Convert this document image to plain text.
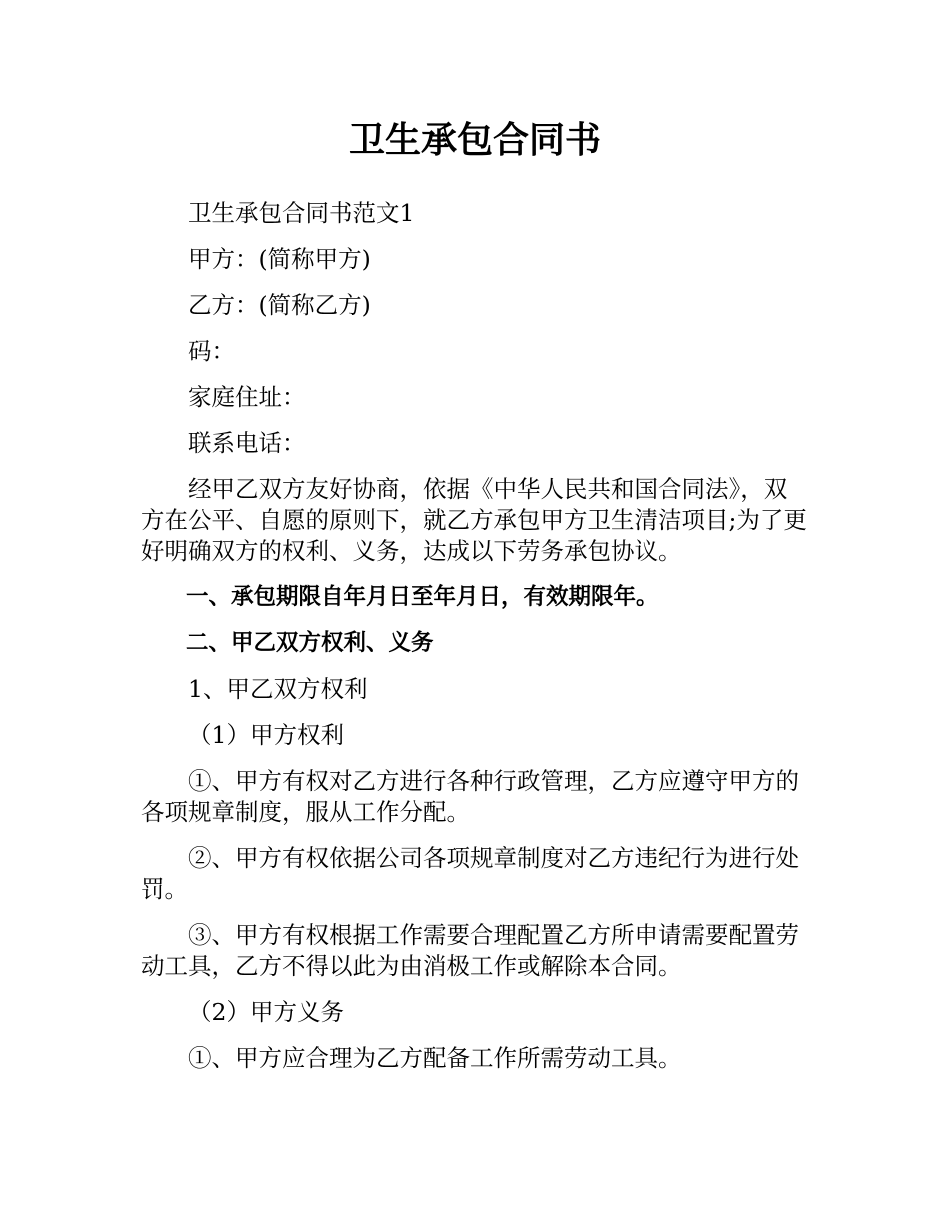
卫生承包合同书

卫生承包合同书范文1

甲方：(简称甲方)

乙方：(简称乙方)

码：

家庭住址：

联系电话：

经甲乙双方友好协商，依据《中华人民共和国合同法》，双方在公平、自愿的原则下，就乙方承包甲方卫生清洁项目;为了更好明确双方的权利、义务，达成以下劳务承包协议。

一、承包期限自年月日至年月日，有效期限年。

二、甲乙双方权利、义务

1、甲乙双方权利

（1）甲方权利

①、甲方有权对乙方进行各种行政管理，乙方应遵守甲方的各项规章制度，服从工作分配。

②、甲方有权依据公司各项规章制度对乙方违纪行为进行处罚。

③、甲方有权根据工作需要合理配置乙方所申请需要配置劳动工具，乙方不得以此为由消极工作或解除本合同。

（2）甲方义务

①、甲方应合理为乙方配备工作所需劳动工具。
